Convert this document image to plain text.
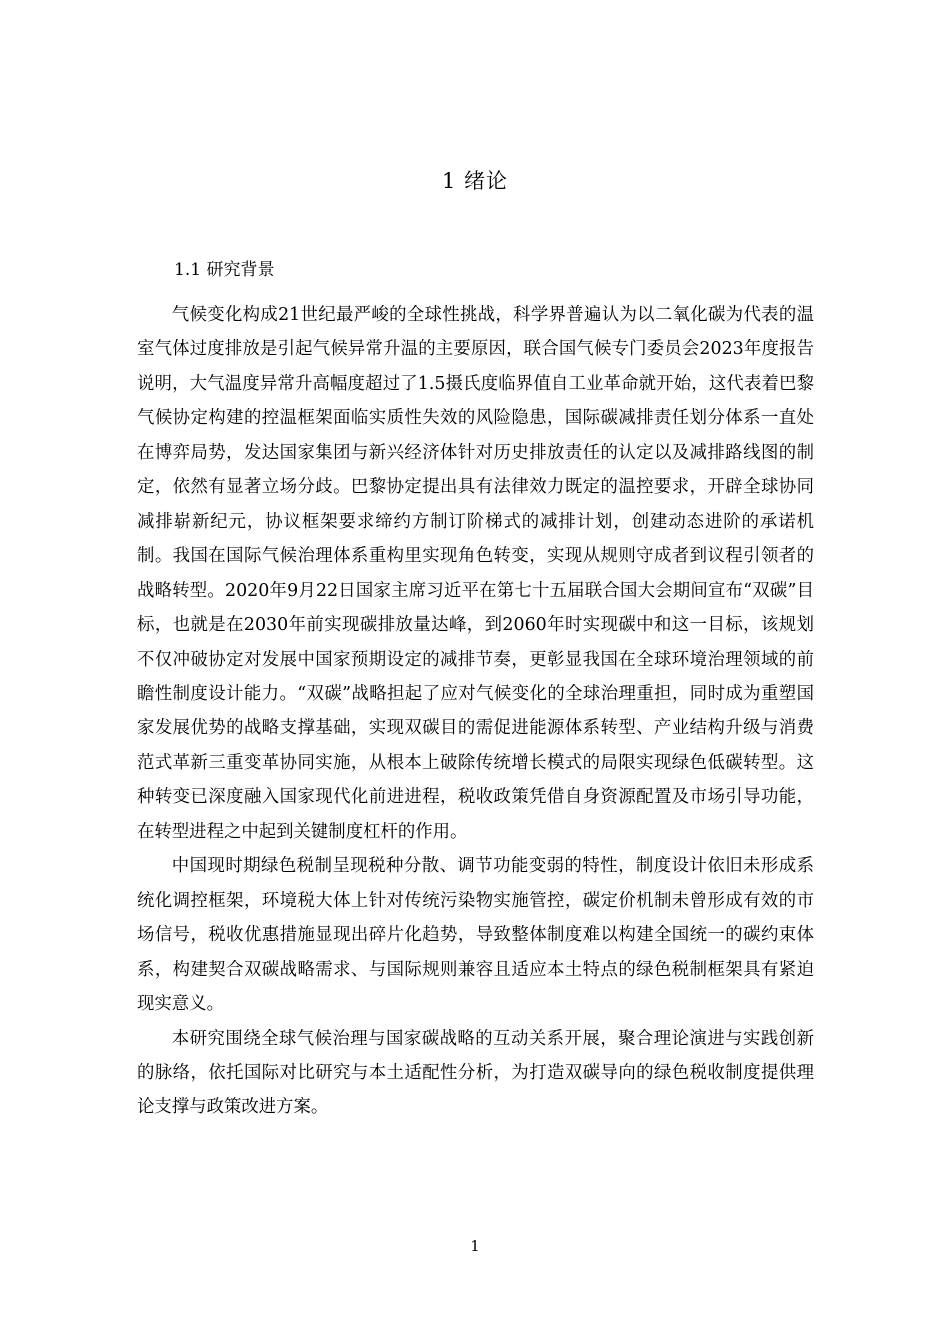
1 绪论
1.1 研究背景

气候变化构成21世纪最严峻的全球性挑战，科学界普遍认为以二氧化碳为代表的温室气体过度排放是引起气候异常升温的主要原因，联合国气候专门委员会2023年度报告说明，大气温度异常升高幅度超过了1.5摄氏度临界值自工业革命就开始，这代表着巴黎气候协定构建的控温框架面临实质性失效的风险隐患，国际碳减排责任划分体系一直处在博弈局势，发达国家集团与新兴经济体针对历史排放责任的认定以及减排路线图的制定，依然有显著立场分歧。巴黎协定提出具有法律效力既定的温控要求，开辟全球协同减排崭新纪元，协议框架要求缔约方制订阶梯式的减排计划，创建动态进阶的承诺机制。我国在国际气候治理体系重构里实现角色转变，实现从规则守成者到议程引领者的战略转型。2020年9月22日国家主席习近平在第七十五届联合国大会期间宣布“双碳”目标，也就是在2030年前实现碳排放量达峰，到2060年时实现碳中和这一目标，该规划不仅冲破协定对发展中国家预期设定的减排节奏，更彰显我国在全球环境治理领域的前瞻性制度设计能力。“双碳”战略担起了应对气候变化的全球治理重担，同时成为重塑国家发展优势的战略支撑基础，实现双碳目的需促进能源体系转型、产业结构升级与消费范式革新三重变革协同实施，从根本上破除传统增长模式的局限实现绿色低碳转型。这种转变已深度融入国家现代化前进进程，税收政策凭借自身资源配置及市场引导功能，在转型进程之中起到关键制度杠杆的作用。

中国现时期绿色税制呈现税种分散、调节功能变弱的特性，制度设计依旧未形成系统化调控框架，环境税大体上针对传统污染物实施管控，碳定价机制未曾形成有效的市场信号，税收优惠措施显现出碎片化趋势，导致整体制度难以构建全国统一的碳约束体系，构建契合双碳战略需求、与国际规则兼容且适应本土特点的绿色税制框架具有紧迫现实意义。

本研究围绕全球气候治理与国家碳战略的互动关系开展，聚合理论演进与实践创新的脉络，依托国际对比研究与本土适配性分析，为打造双碳导向的绿色税收制度提供理论支撑与政策改进方案。

1
